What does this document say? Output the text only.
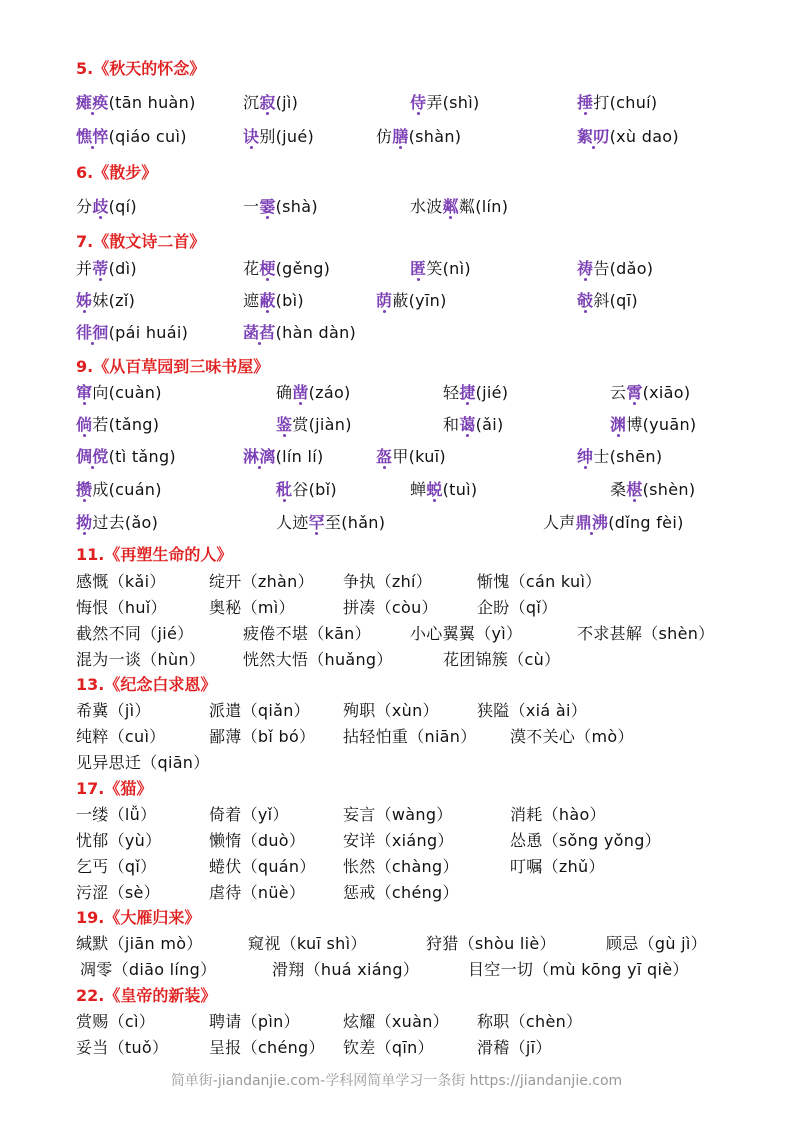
5.《秋天的怀念》
瘫痪(tān huàn)	沉寂(jì)	侍弄(shì)	捶打(chuí)
憔悴(qiáo cuì)	诀别(jué)	仿膳(shàn)	絮叨(xù dao)
6.《散步》
分歧(qí)	一霎(shà)	水波粼粼(lín)
7.《散文诗二首》
并蒂(dì)	花梗(gěng)	匿笑(nì)	祷告(dǎo)
姊妹(zǐ)	遮蔽(bì)	荫蔽(yīn)	攲斜(qī)
徘徊(pái huái)	菡萏(hàn dàn)
9.《从百草园到三味书屋》
窜向(cuàn)	确凿(záo)	轻捷(jié)	云霄(xiāo)
倘若(tǎng)	鉴赏(jiàn)	和蔼(ǎi)	渊博(yuān)
倜傥(tì tǎng)	淋漓(lín lí)	盔甲(kuī)	绅士(shēn)
攒成(cuán)	秕谷(bǐ)	蝉蜕(tuì)	桑椹(shèn)
拗过去(ǎo)	人迹罕至(hǎn)	人声鼎沸(dǐng fèi)
11.《再塑生命的人》
感慨（kǎi）	绽开（zhàn） 争执（zhí）	惭愧（cán kuì）
悔恨（huǐ）	奥秘（mì）	拼凑（còu） 企盼（qǐ）
截然不同（jié）	疲倦不堪（kān） 小心翼翼（yì）	不求甚解（shèn）
混为一谈（hùn） 恍然大悟（huǎng）	花团锦簇（cù）
13.《纪念白求恩》
希冀（jì）	派遣（qiǎn） 殉职（xùn） 狭隘（xiá ài）
纯粹（cuì）	鄙薄（bǐ bó） 拈轻怕重（niān） 漠不关心（mò）
见异思迁（qiān）
17.《猫》
一缕（lǚ）	倚着（yǐ）	妄言（wàng）	消耗（hào）
忧郁（yù）	懒惰（duò） 安详（xiáng）	怂恿（sǒng yǒng）
乞丐（qǐ）	蜷伏（quán） 怅然（chàng）	叮嘱（zhǔ）
污涩（sè）	虐待（nüè） 惩戒（chéng）
19.《大雁归来》
缄默（jiān mò）	窥视（kuī shì）	狩猎（shòu liè）	顾忌（gù jì）
凋零（diāo líng）	滑翔（huá xiáng）	目空一切（mù kōng yī qiè）
22.《皇帝的新装》
赏赐（cì）	聘请（pìn）	炫耀（xuàn） 称职（chèn）
妥当（tuǒ）	呈报（chéng） 钦差（qīn）	滑稽（jī）
简单街-jiandanjie.com-学科网简单学习一条街 https://jiandanjie.com
